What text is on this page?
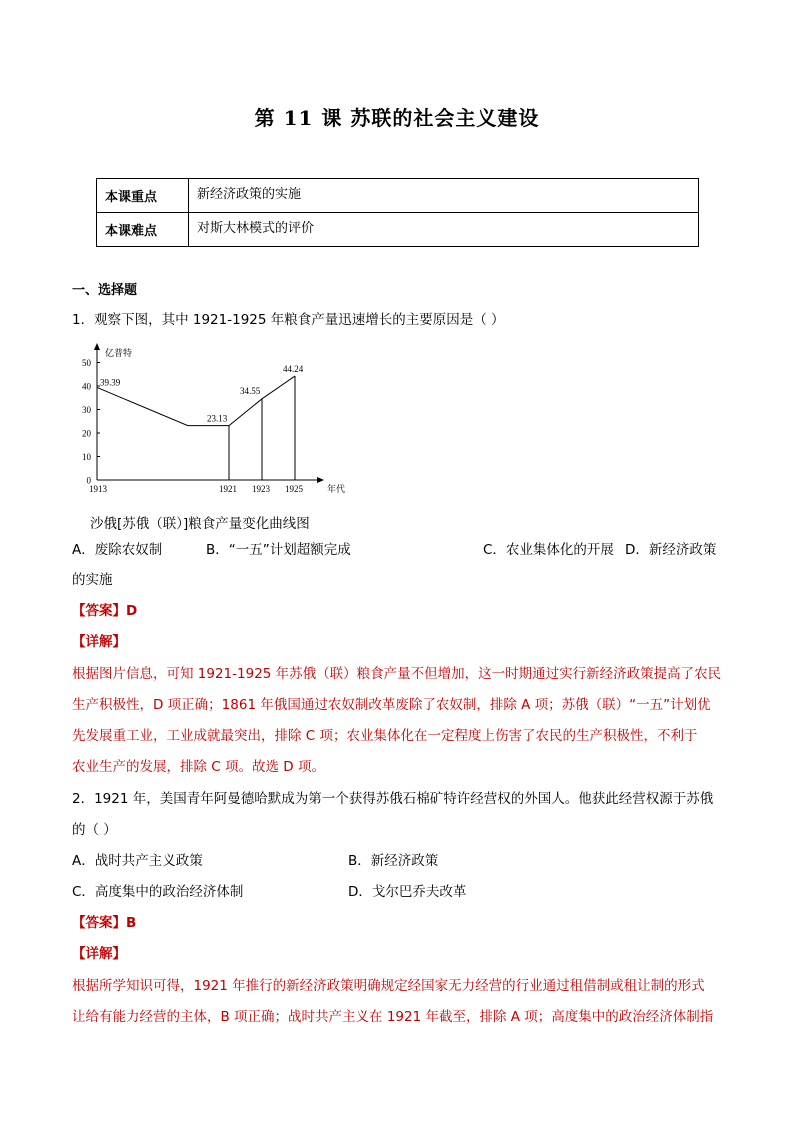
第 11 课 苏联的社会主义建设
本课重点	新经济政策的实施
本课难点	对斯大林模式的评价
一、选择题
1．观察下图，其中 1921-1925 年粮食产量迅速增长的主要原因是（ ）
0
10
20
30
40
50
亿普特
年代
1913	1921 1923 1925
39.39
23.13
34.55
44.24
沙俄[苏俄（联）]粮食产量变化曲线图
A．废除农奴制	B．“一五”计划超额完成	C．农业集体化的开展 D．新经济政策
的实施
【答案】D
【详解】
根据图片信息，可知 1921-1925 年苏俄（联）粮食产量不但增加，这一时期通过实行新经济政策提高了农民
生产积极性，D 项正确；1861 年俄国通过农奴制改革废除了农奴制，排除 A 项；苏俄（联）“一五”计划优
先发展重工业，工业成就最突出，排除 C 项；农业集体化在一定程度上伤害了农民的生产积极性，不利于
农业生产的发展，排除 C 项。故选 D 项。
2．1921 年，美国青年阿曼德哈默成为第一个获得苏俄石棉矿特许经营权的外国人。他获此经营权源于苏俄
的（ ）
A．战时共产主义政策	B．新经济政策
C．高度集中的政治经济体制	D．戈尔巴乔夫改革
【答案】B
【详解】
根据所学知识可得，1921 年推行的新经济政策明确规定经国家无力经营的行业通过租借制或租让制的形式
让给有能力经营的主体，B 项正确；战时共产主义在 1921 年截至，排除 A 项；高度集中的政治经济体制指
